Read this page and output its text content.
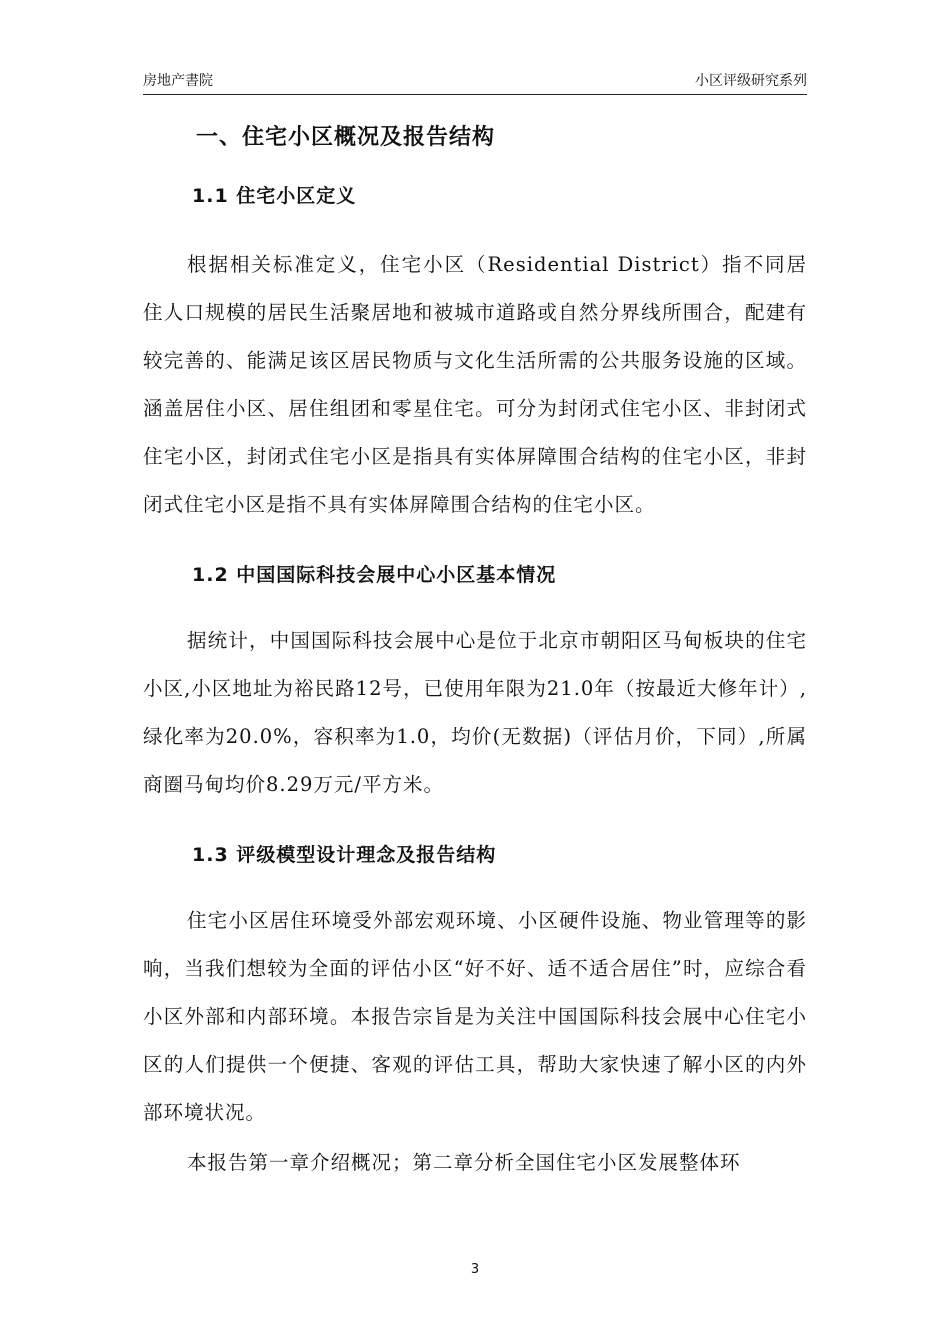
房地产書院	小区评级研究系列
一、住宅小区概况及报告结构
1.1 住宅小区定义

根据相关标准定义，住宅小区（Residential District）指不同居住人口规模的居民生活聚居地和被城市道路或自然分界线所围合，配建有较完善的、能满足该区居民物质与文化生活所需的公共服务设施的区域。涵盖居住小区、居住组团和零星住宅。可分为封闭式住宅小区、非封闭式住宅小区，封闭式住宅小区是指具有实体屏障围合结构的住宅小区，非封闭式住宅小区是指不具有实体屏障围合结构的住宅小区。

1.2 中国国际科技会展中心小区基本情况

据统计，中国国际科技会展中心是位于北京市朝阳区马甸板块的住宅小区,小区地址为裕民路12号，已使用年限为21.0年（按最近大修年计）,绿化率为20.0%，容积率为1.0，均价(无数据)（评估月价，下同）,所属商圈马甸均价8.29万元/平方米。

1.3 评级模型设计理念及报告结构

住宅小区居住环境受外部宏观环境、小区硬件设施、物业管理等的影响，当我们想较为全面的评估小区“好不好、适不适合居住”时，应综合看小区外部和内部环境。本报告宗旨是为关注中国国际科技会展中心住宅小区的人们提供一个便捷、客观的评估工具，帮助大家快速了解小区的内外部环境状况。

本报告第一章介绍概况；第二章分析全国住宅小区发展整体环

3
